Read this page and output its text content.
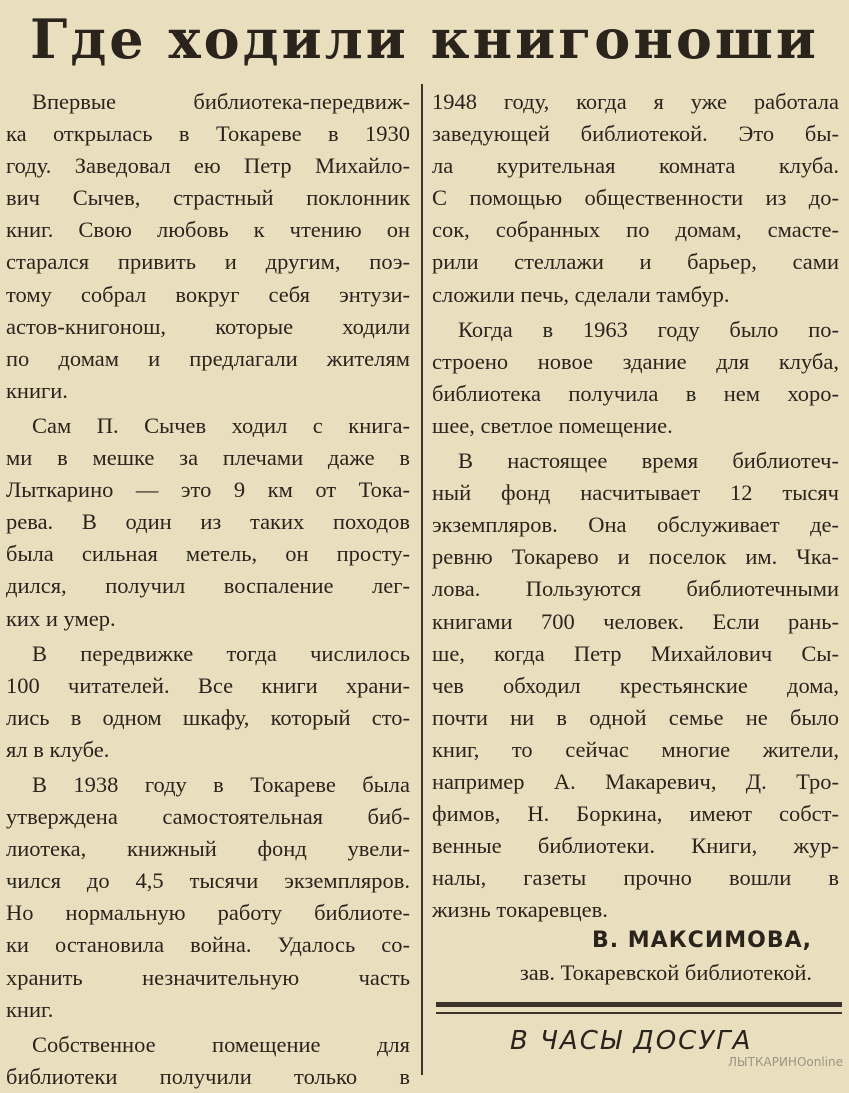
Где ходили книгоноши

Впервые библиотека-передвиж-
ка открылась в Токареве в 1930
году. Заведовал ею Петр Михайло-
вич Сычев, страстный поклонник
книг. Свою любовь к чтению он
старался привить и другим, поэ-
тому собрал вокруг себя энтузи-
астов-книгонош, которые ходили
по домам и предлагали жителям
книги.

Сам П. Сычев ходил с книга-
ми в мешке за плечами даже в
Лыткарино — это 9 км от Тока-
рева. В один из таких походов
была сильная метель, он просту-
дился, получил воспаление лег-
ких и умер.

В передвижке тогда числилось
100 читателей. Все книги храни-
лись в одном шкафу, который сто-
ял в клубе.

В 1938 году в Токареве была
утверждена самостоятельная биб-
лиотека, книжный фонд увели-
чился до 4,5 тысячи экземпляров.
Но нормальную работу библиоте-
ки остановила война. Удалось со-
хранить незначительную часть
книг.

Собственное помещение для
библиотеки получили только в

1948 году, когда я уже работала
заведующей библиотекой. Это бы-
ла курительная комната клуба.
С помощью общественности из до-
сок, собранных по домам, смасте-
рили стеллажи и барьер, сами
сложили печь, сделали тамбур.

Когда в 1963 году было по-
строено новое здание для клуба,
библиотека получила в нем хоро-
шее, светлое помещение.

В настоящее время библиотеч-
ный фонд насчитывает 12 тысяч
экземпляров. Она обслуживает де-
ревню Токарево и поселок им. Чка-
лова. Пользуются библиотечными
книгами 700 человек. Если рань-
ше, когда Петр Михайлович Сы-
чев обходил крестьянские дома,
почти ни в одной семье не было
книг, то сейчас многие жители,
например А. Макаревич, Д. Тро-
фимов, Н. Боркина, имеют собст-
венные библиотеки. Книги, жур-
налы, газеты прочно вошли в
жизнь токаревцев.

В. МАКСИМОВА,
зав. Токаревской библиотекой.
В ЧАСЫ ДОСУГА
ЛЫТКАРИНОonline
